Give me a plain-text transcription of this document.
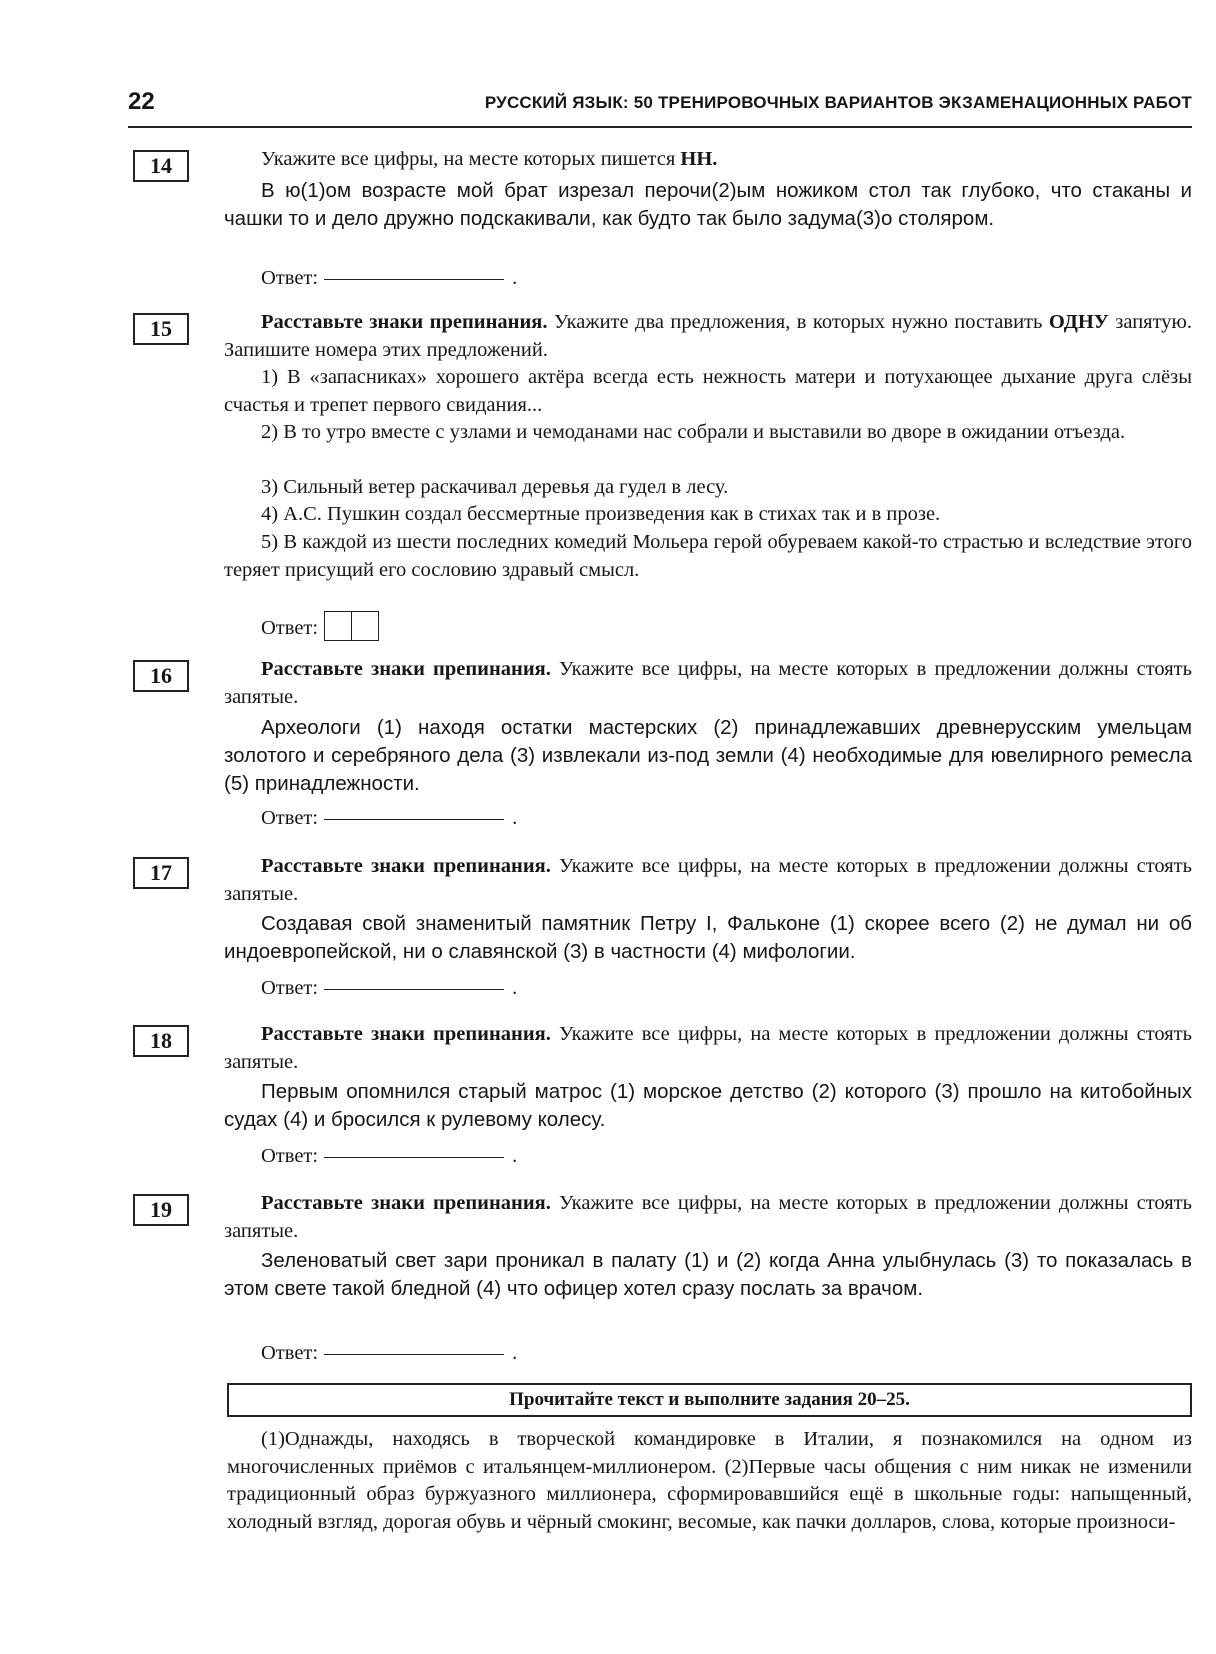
22	РУССКИЙ ЯЗЫК: 50 ТРЕНИРОВОЧНЫХ ВАРИАНТОВ ЭКЗАМЕНАЦИОННЫХ РАБОТ
14	Укажите все цифры, на месте которых пишется НН.

В ю(1)ом возрасте мой брат изрезал перочи(2)ым ножиком стол так глубоко, что стаканы и чашки то и дело дружно подскакивали, как будто так было задума(3)о столяром.

Ответ:	.
15	Расставьте знаки препинания. Укажите два предложения, в которых нужно поставить ОДНУ запятую. Запишите номера этих предложений.

1) В «запасниках» хорошего актёра всегда есть нежность матери и потухающее дыхание друга слёзы счастья и трепет первого свидания...

2) В то утро вместе с узлами и чемоданами нас собрали и выставили во дворе в ожидании отъезда.

3) Сильный ветер раскачивал деревья да гудел в лесу.

4) А.С. Пушкин создал бессмертные произведения как в стихах так и в прозе.

5) В каждой из шести последних комедий Мольера герой обуреваем какой-то страстью и вследствие этого теряет присущий его сословию здравый смысл.

Ответ:
16	Расставьте знаки препинания. Укажите все цифры, на месте которых в предложении должны стоять запятые.

Археологи (1) находя остатки мастерских (2) принадлежавших древнерусским умельцам золотого и серебряного дела (3) извлекали из-под земли (4) необходимые для ювелирного ремесла (5) принадлежности.

Ответ:	.
17	Расставьте знаки препинания. Укажите все цифры, на месте которых в предложении должны стоять запятые.

Создавая свой знаменитый памятник Петру I, Фальконе (1) скорее всего (2) не думал ни об индоевропейской, ни о славянской (3) в частности (4) мифологии.

Ответ:	.
18	Расставьте знаки препинания. Укажите все цифры, на месте которых в предложении должны стоять запятые.

Первым опомнился старый матрос (1) морское детство (2) которого (3) прошло на китобойных судах (4) и бросился к рулевому колесу.

Ответ:	.
19	Расставьте знаки препинания. Укажите все цифры, на месте которых в предложении должны стоять запятые.

Зеленоватый свет зари проникал в палату (1) и (2) когда Анна улыбнулась (3) то показалась в этом свете такой бледной (4) что офицер хотел сразу послать за врачом.

Ответ:	.
Прочитайте текст и выполните задания 20–25.

(1)Однажды, находясь в творческой командировке в Италии, я познакомился на одном из многочисленных приёмов с итальянцем-миллионером. (2)Первые часы общения с ним никак не изменили традиционный образ буржуазного миллионера, сформировавшийся ещё в школьные годы: напыщенный, холодный взгляд, дорогая обувь и чёрный смокинг, весомые, как пачки долларов, слова, которые произноси-
